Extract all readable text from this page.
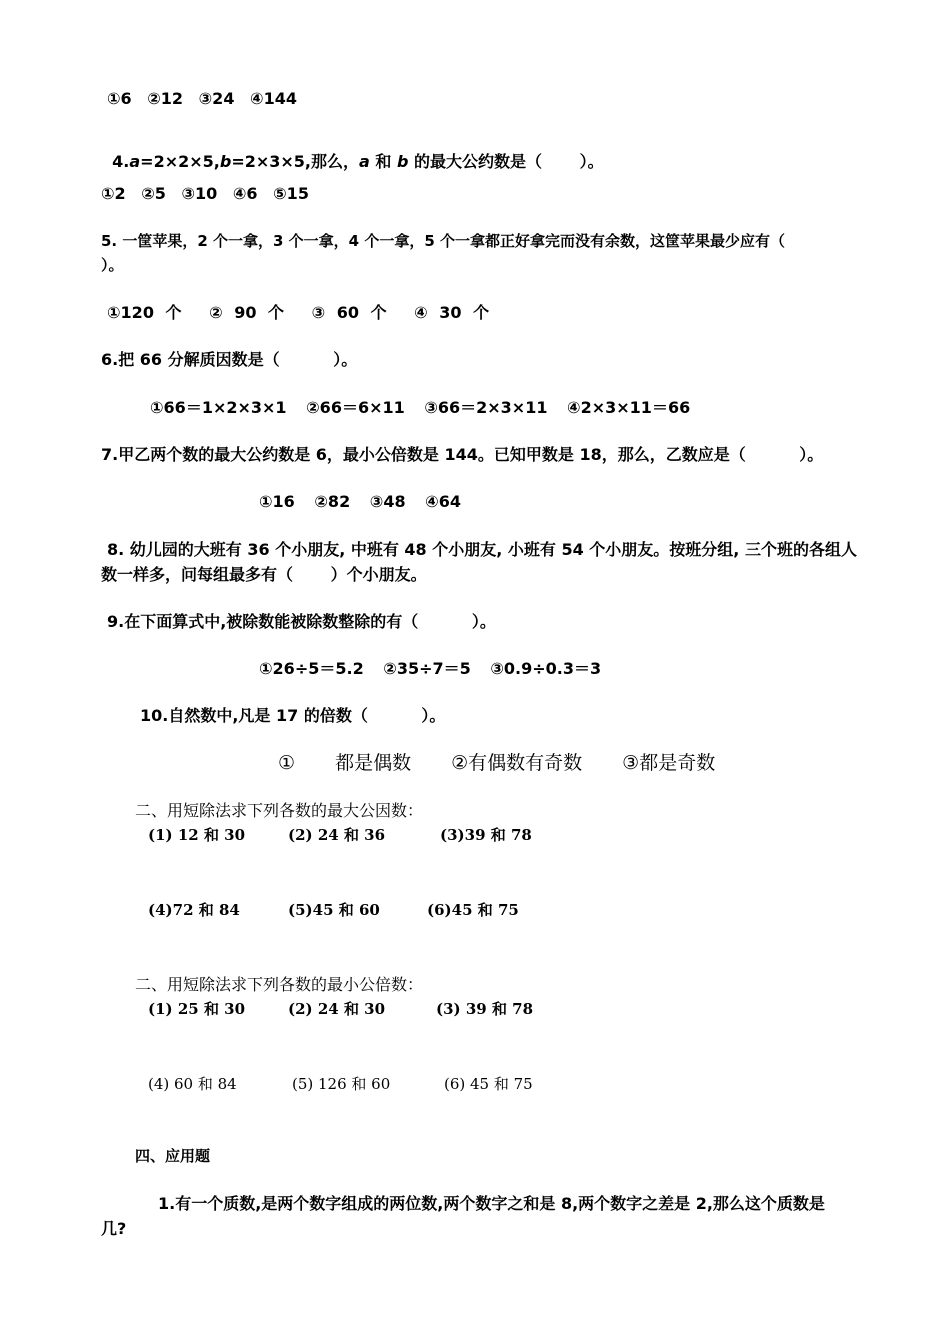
①6 ②12 ③24 ④144

4.a=2×2×5,b=2×3×5,那么，a 和 b 的最大公约数是（　　 ）。

①2 ②5 ③10 ④6 ⑤15
5. 一筐苹果，2 个一拿，3 个一拿，4 个一拿，5 个一拿都正好拿完而没有余数，这筐苹果最少应有（
）。
①120 个　 ② 90 个　 ③ 60 个　 ④ 30 个
6.把 66 分解质因数是（　　　 ）。
①66＝1×2×3×1 ②66＝6×11 ③66＝2×3×11 ④2×3×11＝66
7.甲乙两个数的最大公约数是 6，最小公倍数是 144。已知甲数是 18，那么，乙数应是（　　　 ）。
①16 ②82 ③48 ④64
8. 幼儿园的大班有 36 个小朋友, 中班有 48 个小朋友, 小班有 54 个小朋友。按班分组, 三个班的各组人
数一样多，问每组最多有（　　 ）个小朋友。
9.在下面算式中,被除数能被除数整除的有（　　　 ）。
①26÷5＝5.2 ②35÷7＝5 ③0.9÷0.3＝3
10.自然数中,凡是 17 的倍数（　　　 ）。
① 都是偶数 ②有偶数有奇数 ③都是奇数
二、用短除法求下列各数的最大公因数：
(1) 12 和 30	(2) 24 和 36	(3)39 和 78
(4)72 和 84	(5)45 和 60	(6)45 和 75
二、用短除法求下列各数的最小公倍数：
(1) 25 和 30	(2) 24 和 30	(3) 39 和 78
(4) 60 和 84	(5) 126 和 60	(6) 45 和 75
四、应用题
1.有一个质数,是两个数字组成的两位数,两个数字之和是 8,两个数字之差是 2,那么这个质数是
几?
